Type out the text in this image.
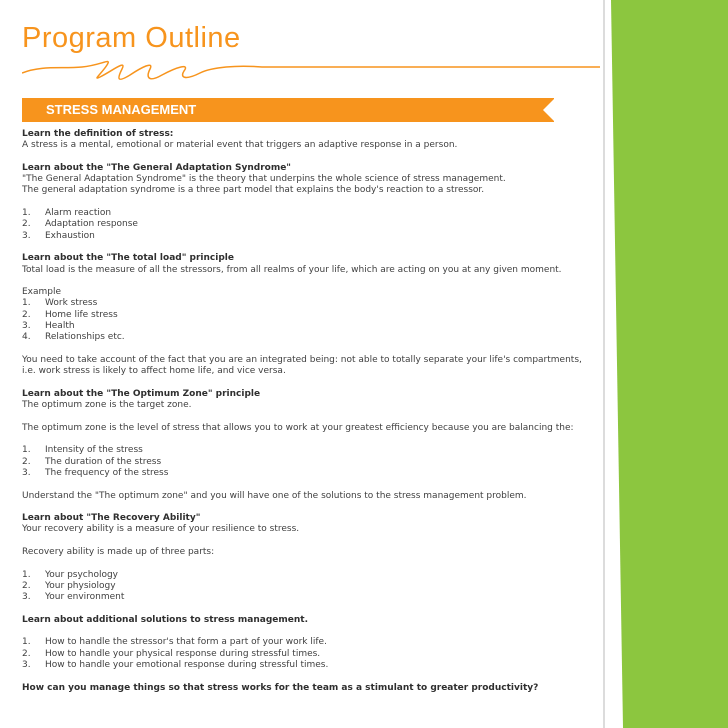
Program Outline
STRESS MANAGEMENT

Learn the definition of stress:

A stress is a mental, emotional or material event that triggers an adaptive response in a person.

Learn about the "The General Adaptation Syndrome"

"The General Adaptation Syndrome" is the theory that underpins the whole science of stress management.

The general adaptation syndrome is a three part model that explains the body's reaction to a stressor.

1.	Alarm reaction
2.	Adaptation response
3.	Exhaustion

Learn about the "The total load" principle

Total load is the measure of all the stressors, from all realms of your life, which are acting on you at any given moment.

Example

1.	Work stress
2.	Home life stress
3.	Health
4.	Relationships etc.

You need to take account of the fact that you are an integrated being: not able to totally separate your life's compartments,

i.e. work stress is likely to affect home life, and vice versa.

Learn about the "The Optimum Zone" principle

The optimum zone is the target zone.

The optimum zone is the level of stress that allows you to work at your greatest efficiency because you are balancing the:

1.	Intensity of the stress
2.	The duration of the stress
3.	The frequency of the stress

Understand the "The optimum zone" and you will have one of the solutions to the stress management problem.

Learn about "The Recovery Ability"

Your recovery ability is a measure of your resilience to stress.

Recovery ability is made up of three parts:

1.	Your psychology
2.	Your physiology
3.	Your environment

Learn about additional solutions to stress management.

1.	How to handle the stressor's that form a part of your work life.
2.	How to handle your physical response during stressful times.
3.	How to handle your emotional response during stressful times.

How can you manage things so that stress works for the team as a stimulant to greater productivity?
